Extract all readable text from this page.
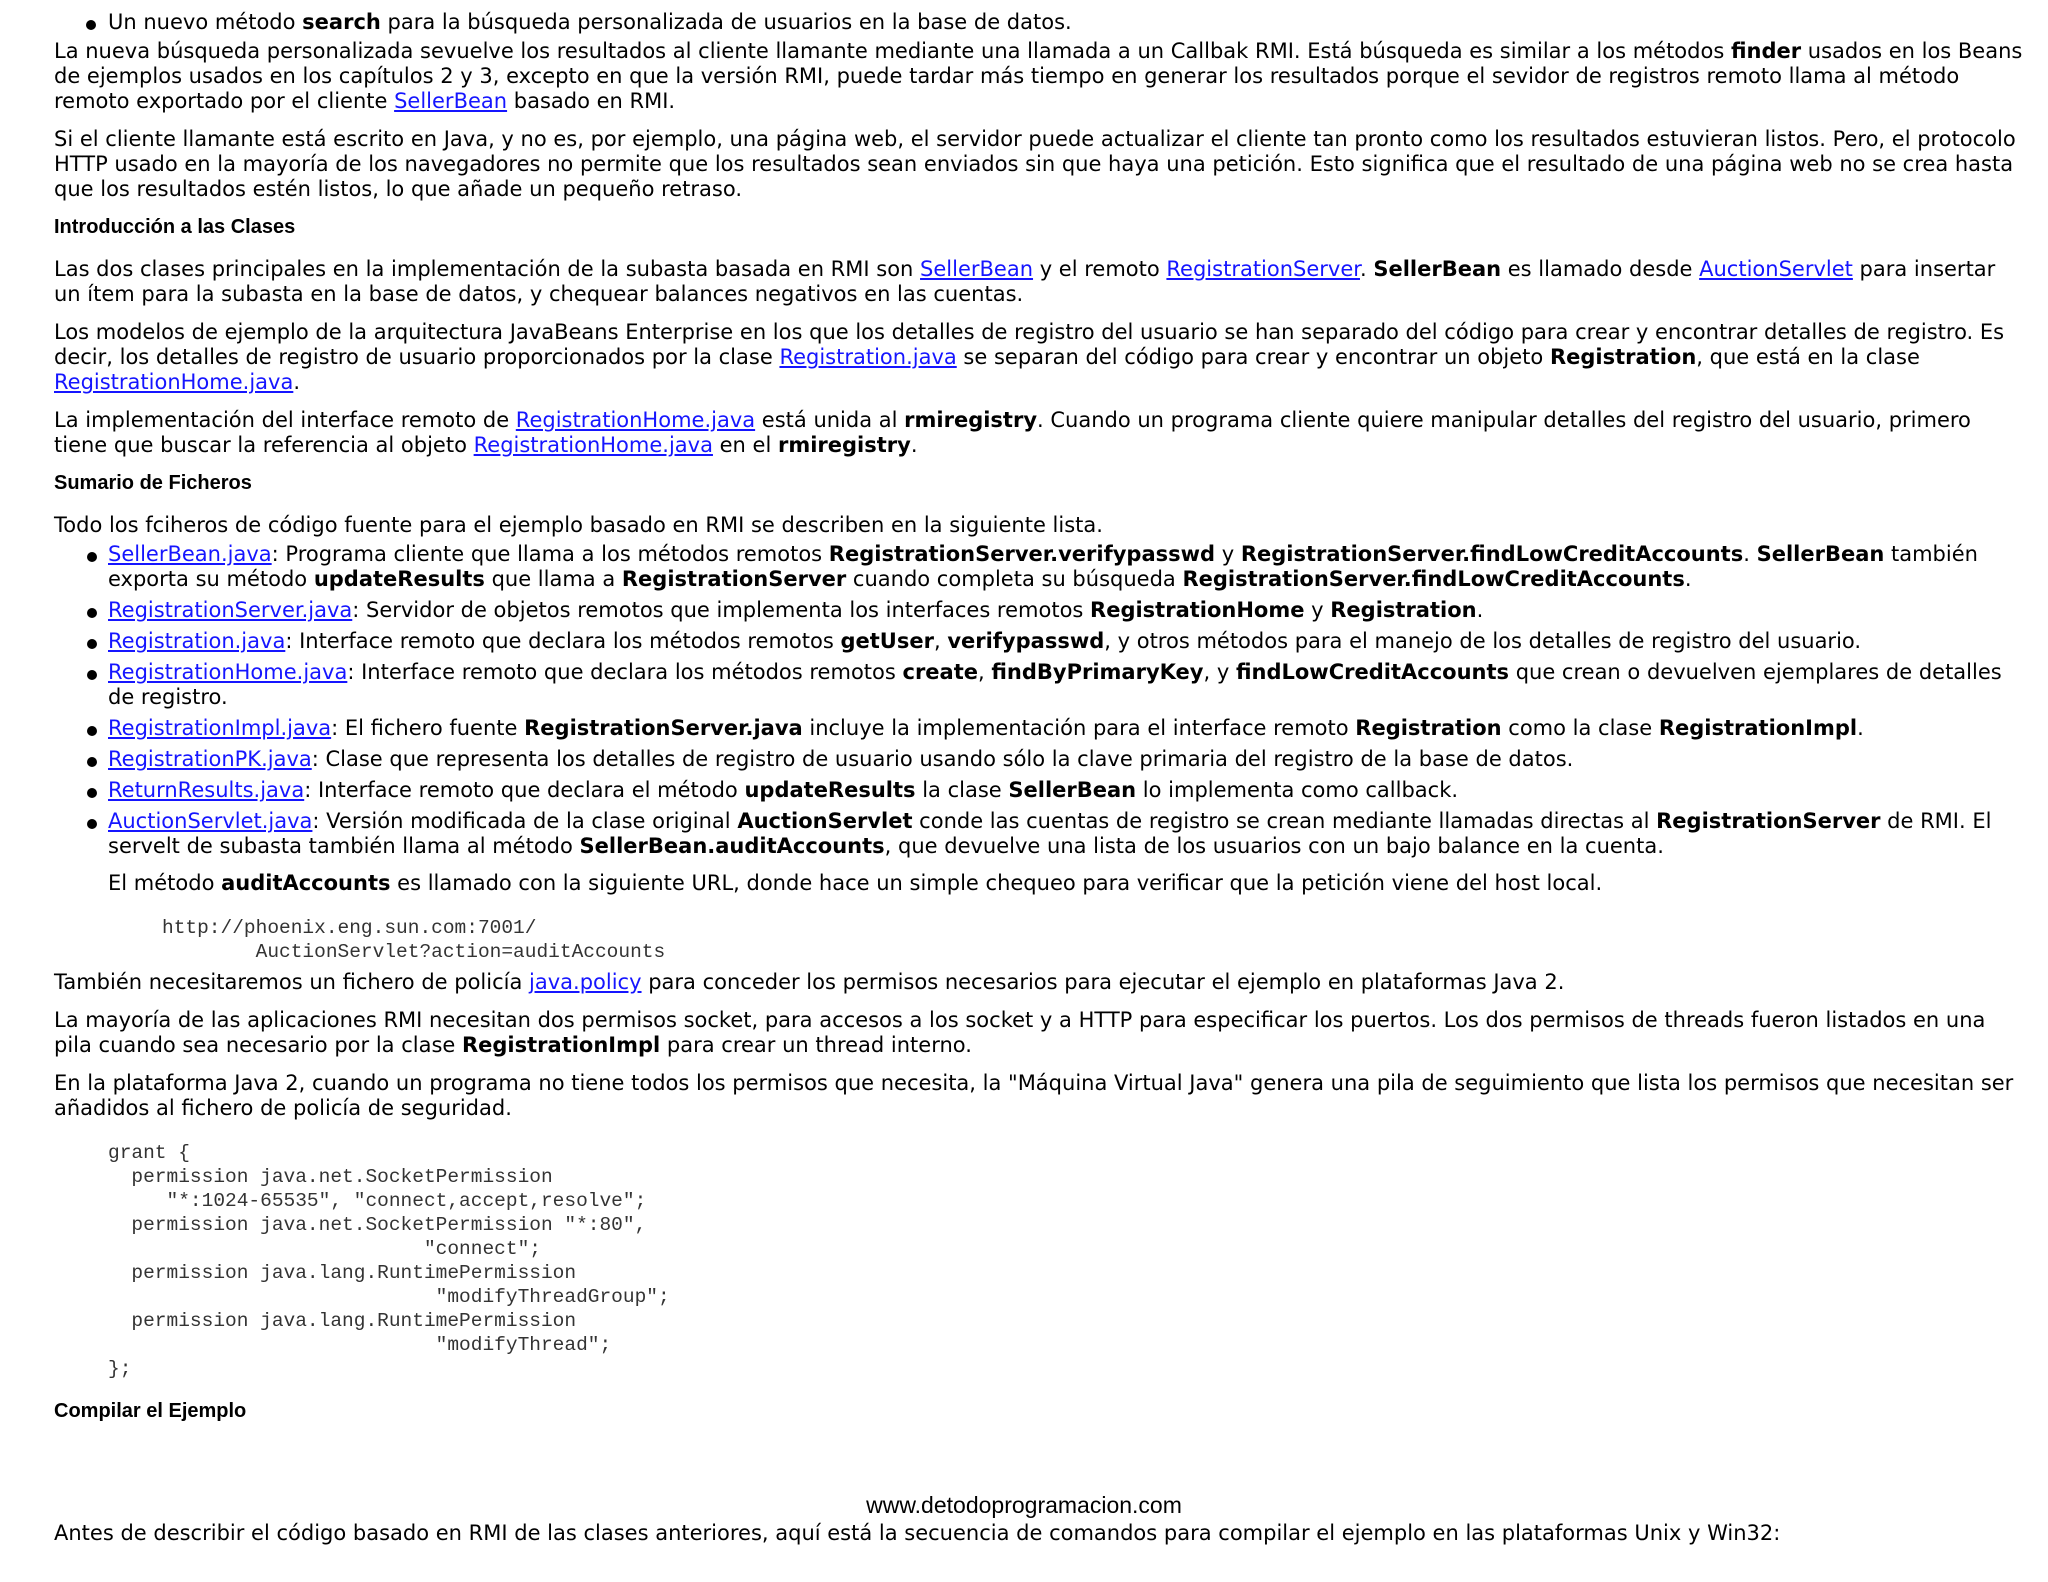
Un nuevo método search para la búsqueda personalizada de usuarios en la base de datos.

La nueva búsqueda personalizada sevuelve los resultados al cliente llamante mediante una llamada a un Callbak RMI. Está búsqueda es similar a los métodos finder usados en los Beans de ejemplos usados en los capítulos 2 y 3, excepto en que la versión RMI, puede tardar más tiempo en generar los resultados porque el sevidor de registros remoto llama al método remoto exportado por el cliente SellerBean basado en RMI.

Si el cliente llamante está escrito en Java, y no es, por ejemplo, una página web, el servidor puede actualizar el cliente tan pronto como los resultados estuvieran listos. Pero, el protocolo HTTP usado en la mayoría de los navegadores no permite que los resultados sean enviados sin que haya una petición. Esto significa que el resultado de una página web no se crea hasta que los resultados estén listos, lo que añade un pequeño retraso.

Introducción a las Clases

Las dos clases principales en la implementación de la subasta basada en RMI son SellerBean y el remoto RegistrationServer. SellerBean es llamado desde AuctionServlet para insertar un ítem para la subasta en la base de datos, y chequear balances negativos en las cuentas.

Los modelos de ejemplo de la arquitectura JavaBeans Enterprise en los que los detalles de registro del usuario se han separado del código para crear y encontrar detalles de registro. Es decir, los detalles de registro de usuario proporcionados por la clase Registration.java se separan del código para crear y encontrar un objeto Registration, que está en la clase RegistrationHome.java.

La implementación del interface remoto de RegistrationHome.java está unida al rmiregistry. Cuando un programa cliente quiere manipular detalles del registro del usuario, primero tiene que buscar la referencia al objeto RegistrationHome.java en el rmiregistry.

Sumario de Ficheros

Todo los fciheros de código fuente para el ejemplo basado en RMI se describen en la siguiente lista.

SellerBean.java: Programa cliente que llama a los métodos remotos RegistrationServer.verifypasswd y RegistrationServer.findLowCreditAccounts. SellerBean también exporta su método updateResults que llama a RegistrationServer cuando completa su búsqueda RegistrationServer.findLowCreditAccounts.
RegistrationServer.java: Servidor de objetos remotos que implementa los interfaces remotos RegistrationHome y Registration.
Registration.java: Interface remoto que declara los métodos remotos getUser, verifypasswd, y otros métodos para el manejo de los detalles de registro del usuario.
RegistrationHome.java: Interface remoto que declara los métodos remotos create, findByPrimaryKey, y findLowCreditAccounts que crean o devuelven ejemplares de detalles de registro.
RegistrationImpl.java: El fichero fuente RegistrationServer.java incluye la implementación para el interface remoto Registration como la clase RegistrationImpl.
RegistrationPK.java: Clase que representa los detalles de registro de usuario usando sólo la clave primaria del registro de la base de datos.
ReturnResults.java: Interface remoto que declara el método updateResults la clase SellerBean lo implementa como callback.
AuctionServlet.java: Versión modificada de la clase original AuctionServlet conde las cuentas de registro se crean mediante llamadas directas al RegistrationServer de RMI. El servelt de subasta también llama al método SellerBean.auditAccounts, que devuelve una lista de los usuarios con un bajo balance en la cuenta.

El método auditAccounts es llamado con la siguiente URL, donde hace un simple chequeo para verificar que la petición viene del host local.

http://phoenix.eng.sun.com:7001/
AuctionServlet?action=auditAccounts

También necesitaremos un fichero de policía java.policy para conceder los permisos necesarios para ejecutar el ejemplo en plataformas Java 2.

La mayoría de las aplicaciones RMI necesitan dos permisos socket, para accesos a los socket y a HTTP para especificar los puertos. Los dos permisos de threads fueron listados en una pila cuando sea necesario por la clase RegistrationImpl para crear un thread interno.

En la plataforma Java 2, cuando un programa no tiene todos los permisos que necesita, la "Máquina Virtual Java" genera una pila de seguimiento que lista los permisos que necesitan ser añadidos al fichero de policía de seguridad.

grant {
permission java.net.SocketPermission
"*:1024-65535", "connect,accept,resolve";
permission java.net.SocketPermission "*:80",
"connect";
permission java.lang.RuntimePermission
"modifyThreadGroup";
permission java.lang.RuntimePermission
"modifyThread";
};
Compilar el Ejemplo
www.detodoprogramacion.com

Antes de describir el código basado en RMI de las clases anteriores, aquí está la secuencia de comandos para compilar el ejemplo en las plataformas Unix y Win32:
